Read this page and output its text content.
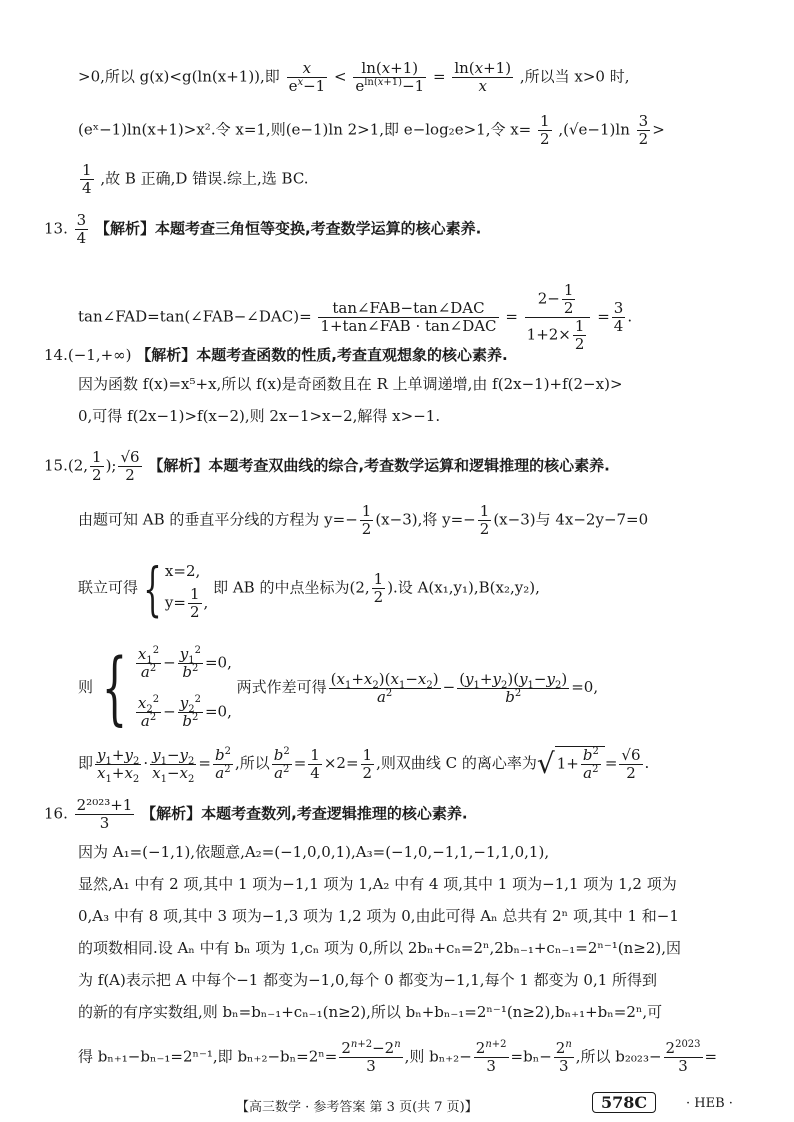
>0,所以 g(x)<g(ln(x+1)),即 $\frac{x}{e^x-1} < \frac{\ln(x+1)}{e^{ln(x+1)}-1} = \frac{\ln(x+1)}{x}$ ,所以当 x>0 时,
(eˣ−1)ln(x+1)>x².令 x=1,则(e−1)ln 2>1,即 e−log₂e>1,令 $x= \frac{1}{2} ,(√e-1)\ln \frac{3}{2}$ >
$\frac{1}{4}$ ,故 B 正确,D 错误.综上,选 BC.
13. $\frac{3}{4}$ 【解析】本题考查三角恒等变换,考查数学运算的核心素养.
tan∠FAD=tan(∠FAB−∠DAC)= $\frac{\text{tan∠FAB−tan∠DAC}}{\text{1+tan∠FAB · tan∠DAC}} = \frac{2- \frac{1}{2}}{1+2\times \frac{1}{2}} = \frac{3}{4}$ .
14.(−1,+∞) 【解析】本题考查函数的性质,考查直观想象的核心素养.
因为函数 f(x)=x⁵+x,所以 f(x)是奇函数且在 R 上单调递增,由 f(2x−1)+f(2−x)>
0,可得 f(2x−1)>f(x−2),则 2x−1>x−2,解得 x>−1.
15.(2, $\frac{1}{2}$ ); $\frac{√6}{2}$ 【解析】本题考查双曲线的综合,考查数学运算和逻辑推理的核心素养.
由题可知 AB 的垂直平分线的方程为 $y=- \frac{1}{2} (x-3)$,将 $y=- \frac{1}{2} (x-3)$与 4x−2y−7=0
联立可得{ x=2,
$y= \frac{1}{2}$ ,
即 AB 的中点坐标为(2, $\frac{1}{2}$ ).设 A(x₁,y₁),B(x₂,y₂),
则 { $\frac{x_1^2}{a^2} - \frac{y_1^2}{b^2} =0$,
$\frac{x_2^2}{a^2} - \frac{y_2^2}{b^2} =0$,
两式作差可得 $\frac{(x_1+x_2)(x_1-x_2)}{a^2} - \frac{(y_1+y_2)(y_1-y_2)}{b^2} =0$,
即 $\frac{y_1+y_2}{x_1+x_2} \cdot \frac{y_1-y_2}{x_1-x_2} = \frac{b^2}{a^2}$ ,所以 $\frac{b^2}{a^2} = \frac{1}{4} \times 2= \frac{1}{2}$ ,则双曲线 C 的离心率为√ $1+ \frac{b^2}{a^2} = \frac{√6}{2}$ .
16. $\frac{\text{2²⁰²³+1}}{3}$ 【解析】本题考查数列,考查逻辑推理的核心素养.
因为 A₁=(−1,1),依题意,A₂=(−1,0,0,1),A₃=(−1,0,−1,1,−1,1,0,1),
显然,A₁ 中有 2 项,其中 1 项为−1,1 项为 1,A₂ 中有 4 项,其中 1 项为−1,1 项为 1,2 项为
0,A₃ 中有 8 项,其中 3 项为−1,3 项为 1,2 项为 0,由此可得 Aₙ 总共有 2ⁿ 项,其中 1 和−1
的项数相同.设 Aₙ 中有 bₙ 项为 1,cₙ 项为 0,所以 2bₙ+cₙ=2ⁿ,2bₙ₋₁+cₙ₋₁=2ⁿ⁻¹(n≥2),因
为 f(A)表示把 A 中每个−1 都变为−1,0,每个 0 都变为−1,1,每个 1 都变为 0,1 所得到
的新的有序实数组,则 bₙ=bₙ₋₁+cₙ₋₁(n≥2),所以 bₙ+bₙ₋₁=2ⁿ⁻¹(n≥2),bₙ₊₁+bₙ=2ⁿ,可
得 bₙ₊₁−bₙ₋₁=2ⁿ⁻¹,即 $b_{n+2}-b_n=2^n= \frac{2^{n+2}-2^n}{3}$ ,则 $b_{n+2}- \frac{2^{n+2}}{3} =b_n- \frac{2^n}{3}$ ,所以 $b_{2023}- \frac{2^{2023}}{3}$ =
【高三数学 · 参考答案 第 3 页(共 7 页)】	578C	· HEB ·
